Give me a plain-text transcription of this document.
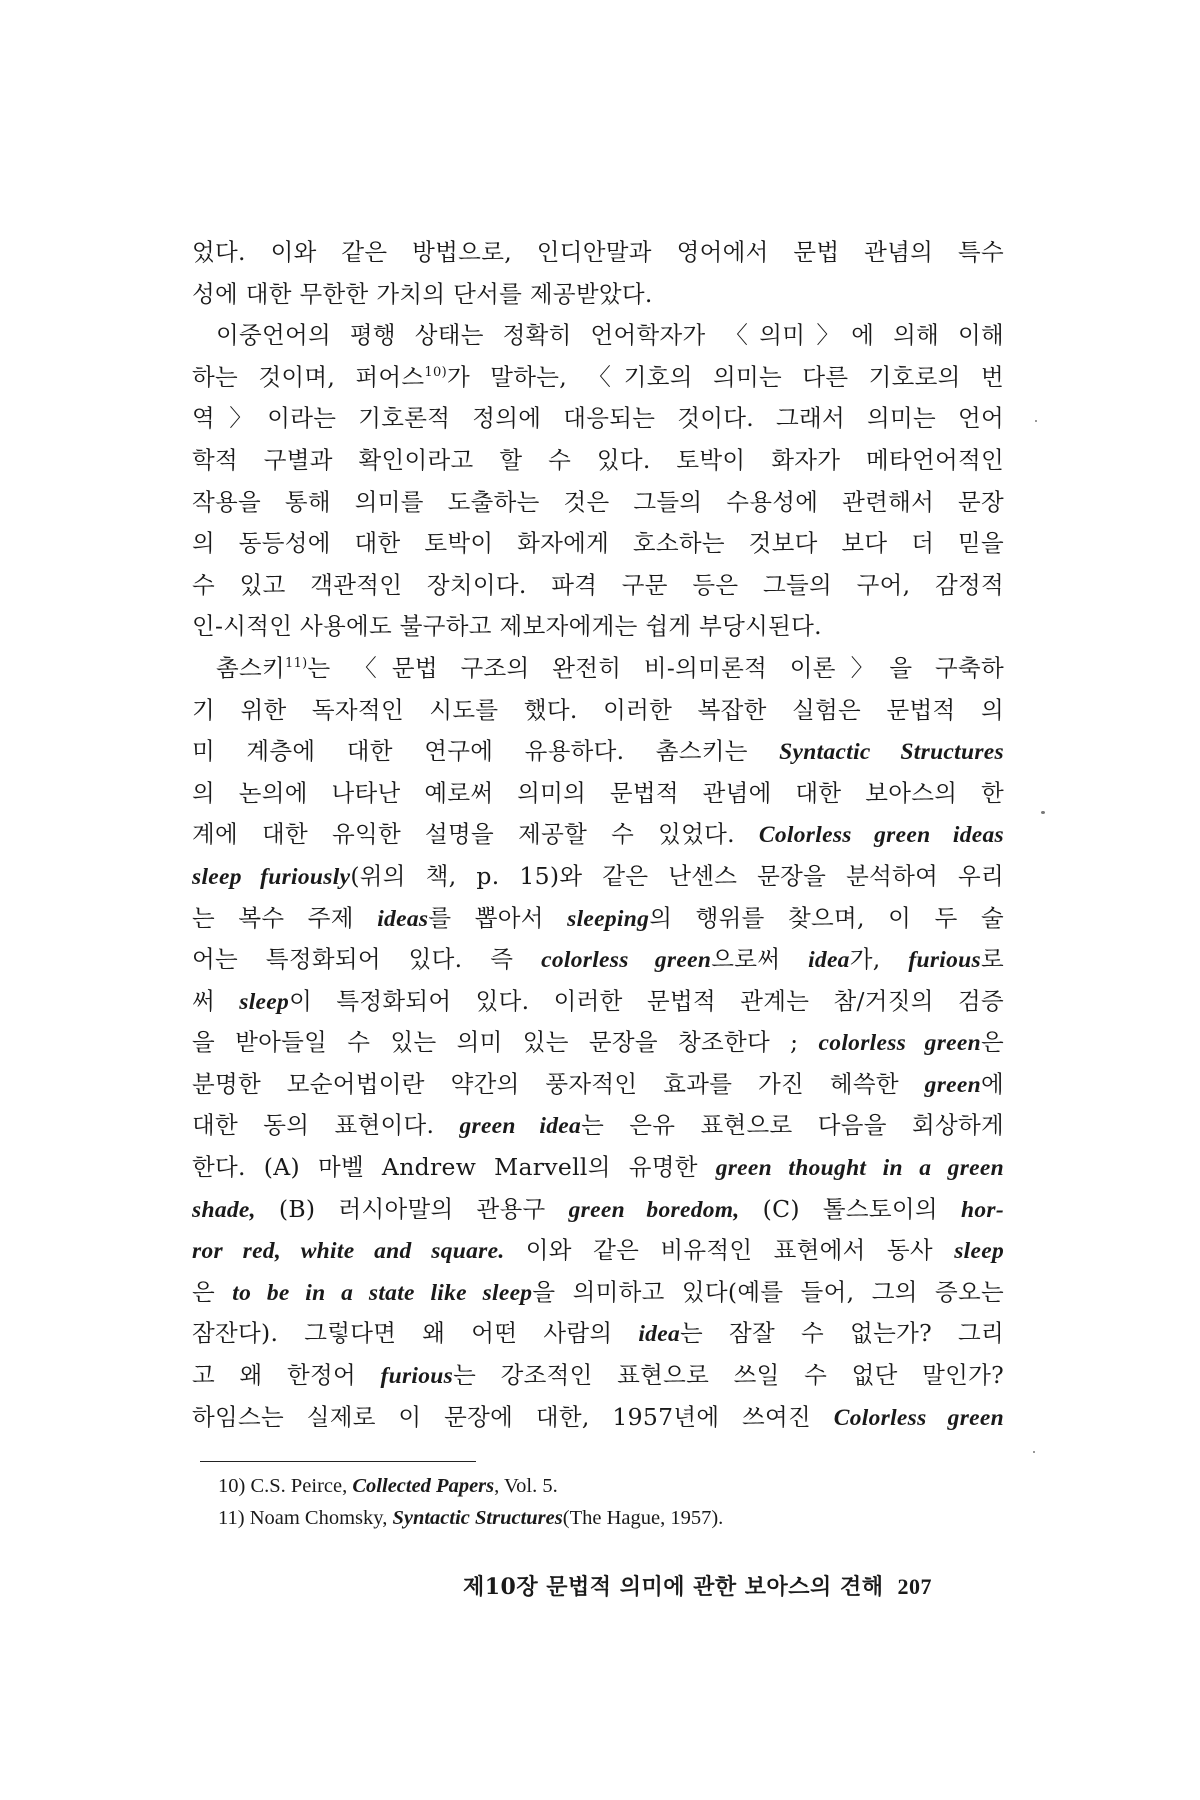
었다. 이와 같은 방법으로, 인디안말과 영어에서 문법 관념의 특수
성에 대한 무한한 가치의 단서를 제공받았다.
이중언어의 평행 상태는 정확히 언어학자가 〈의미〉에 의해 이해
하는 것이며, 퍼어스$^{10)}$가 말하는, 〈기호의 의미는 다른 기호로의 번
역〉이라는 기호론적 정의에 대응되는 것이다. 그래서 의미는 언어
학적 구별과 확인이라고 할 수 있다. 토박이 화자가 메타언어적인
작용을 통해 의미를 도출하는 것은 그들의 수용성에 관련해서 문장
의 동등성에 대한 토박이 화자에게 호소하는 것보다 보다 더 믿을
수 있고 객관적인 장치이다. 파격 구문 등은 그들의 구어, 감정적
인-시적인 사용에도 불구하고 제보자에게는 쉽게 부당시된다.
촘스키$^{11)}$는 〈문법 구조의 완전히 비-의미론적 이론〉을 구축하
기 위한 독자적인 시도를 했다. 이러한 복잡한 실험은 문법적 의
미 계층에 대한 연구에 유용하다. 촘스키는 Syntactic Structures
의 논의에 나타난 예로써 의미의 문법적 관념에 대한 보아스의 한
계에 대한 유익한 설명을 제공할 수 있었다. Colorless green ideas
sleep furiously(위의 책, p. 15)와 같은 난센스 문장을 분석하여 우리
는 복수 주제 ideas를 뽑아서 sleeping의 행위를 찾으며, 이 두 술
어는 특정화되어 있다. 즉 colorless green으로써 idea가, furious로
써 sleep이 특정화되어 있다. 이러한 문법적 관계는 참/거짓의 검증
을 받아들일 수 있는 의미 있는 문장을 창조한다 ; colorless green은
분명한 모순어법이란 약간의 풍자적인 효과를 가진 헤쓱한 green에
대한 동의 표현이다. green idea는 은유 표현으로 다음을 회상하게
한다. (A) 마벨 Andrew Marvell의 유명한 green thought in a green
shade, (B) 러시아말의 관용구 green boredom, (C) 톨스토이의 hor-
ror red, white and square. 이와 같은 비유적인 표현에서 동사 sleep
은 to be in a state like sleep을 의미하고 있다(예를 들어, 그의 증오는
잠잔다). 그렇다면 왜 어떤 사람의 idea는 잠잘 수 없는가? 그리
고 왜 한정어 furious는 강조적인 표현으로 쓰일 수 없단 말인가?
하임스는 실제로 이 문장에 대한, 1957년에 쓰여진 Colorless green
10) C.S. Peirce, Collected Papers, Vol. 5.
11) Noam Chomsky, Syntactic Structures(The Hague, 1957).
제10장 문법적 의미에 관한 보아스의 견해 207
